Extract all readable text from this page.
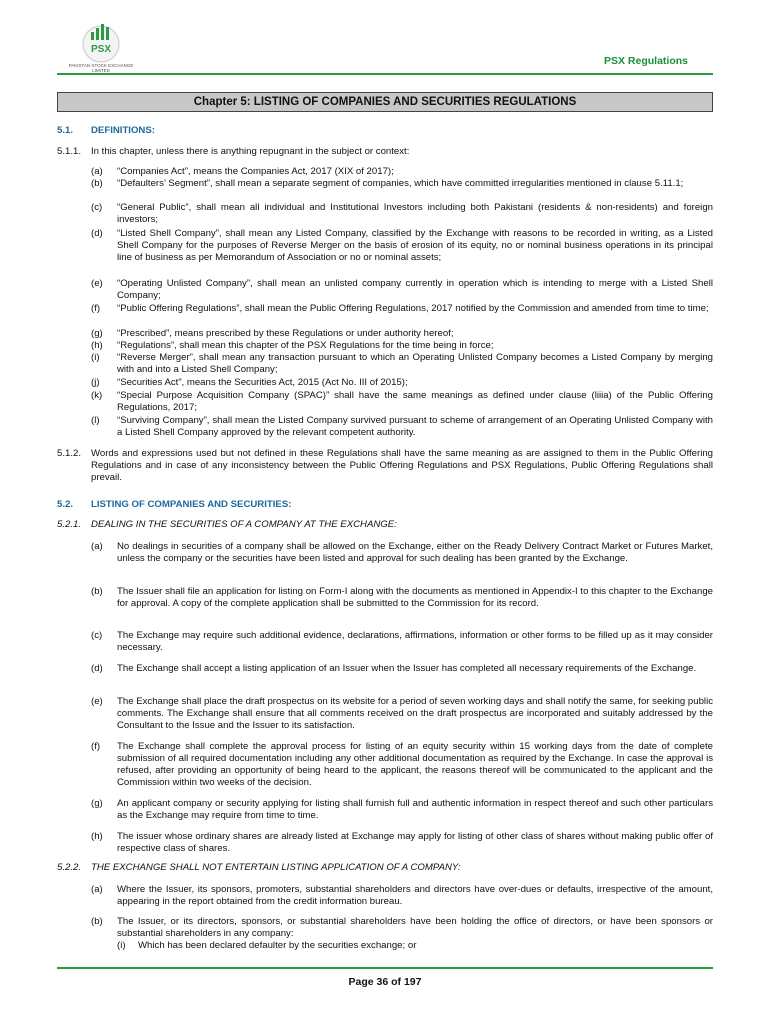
PSX
PAKISTAN STOCK EXCHANGE LIMITED
PSX Regulations
Chapter 5: LISTING OF COMPANIES AND SECURITIES REGULATIONS
5.1. DEFINITIONS:
5.1.1. In this chapter, unless there is anything repugnant in the subject or context:
(a) “Companies Act”, means the Companies Act, 2017 (XIX of 2017);
(b) “Defaulters’ Segment”, shall mean a separate segment of companies, which have committed irregularities mentioned in clause 5.11.1;
(c) “General Public”, shall mean all individual and Institutional Investors including both Pakistani (residents & non-residents) and foreign investors;
(d) “Listed Shell Company”, shall mean any Listed Company, classified by the Exchange with reasons to be recorded in writing, as a Listed Shell Company for the purposes of Reverse Merger on the basis of erosion of its equity, no or nominal business operations in its principal line of business as per Memorandum of Association or no or nominal assets;
(e) “Operating Unlisted Company”, shall mean an unlisted company currently in operation which is intending to merge with a Listed Shell Company;
(f) “Public Offering Regulations”, shall mean the Public Offering Regulations, 2017 notified by the Commission and amended from time to time;
(g) “Prescribed”, means prescribed by these Regulations or under authority hereof;
(h) “Regulations”, shall mean this chapter of the PSX Regulations for the time being in force;
(i) “Reverse Merger”, shall mean any transaction pursuant to which an Operating Unlisted Company becomes a Listed Company by merging with and into a Listed Shell Company;
(j) “Securities Act”, means the Securities Act, 2015 (Act No. III of 2015);
(k) “Special Purpose Acquisition Company (SPAC)” shall have the same meanings as defined under clause (liiia) of the Public Offering Regulations, 2017;
(l) “Surviving Company”, shall mean the Listed Company survived pursuant to scheme of arrangement of an Operating Unlisted Company with a Listed Shell Company approved by the relevant competent authority.
5.1.2. Words and expressions used but not defined in these Regulations shall have the same meaning as are assigned to them in the Public Offering Regulations and in case of any inconsistency between the Public Offering Regulations and PSX Regulations, Public Offering Regulations shall prevail.
5.2. LISTING OF COMPANIES AND SECURITIES:
5.2.1. DEALING IN THE SECURITIES OF A COMPANY AT THE EXCHANGE:
(a) No dealings in securities of a company shall be allowed on the Exchange, either on the Ready Delivery Contract Market or Futures Market, unless the company or the securities have been listed and approval for such dealing has been granted by the Exchange.
(b) The Issuer shall file an application for listing on Form-I along with the documents as mentioned in Appendix-I to this chapter to the Exchange for approval. A copy of the complete application shall be submitted to the Commission for its record.
(c) The Exchange may require such additional evidence, declarations, affirmations, information or other forms to be filled up as it may consider necessary.
(d) The Exchange shall accept a listing application of an Issuer when the Issuer has completed all necessary requirements of the Exchange.
(e) The Exchange shall place the draft prospectus on its website for a period of seven working days and shall notify the same, for seeking public comments. The Exchange shall ensure that all comments received on the draft prospectus are incorporated and suitably addressed by the Consultant to the Issue and the Issuer to its satisfaction.
(f) The Exchange shall complete the approval process for listing of an equity security within 15 working days from the date of complete submission of all required documentation including any other additional documentation as required by the Exchange. In case the approval is refused, after providing an opportunity of being heard to the applicant, the reasons thereof will be communicated to the applicant and the Commission within two weeks of the decision.
(g) An applicant company or security applying for listing shall furnish full and authentic information in respect thereof and such other particulars as the Exchange may require from time to time.
(h) The issuer whose ordinary shares are already listed at Exchange may apply for listing of other class of shares without making public offer of respective class of shares.
5.2.2. THE EXCHANGE SHALL NOT ENTERTAIN LISTING APPLICATION OF A COMPANY:
(a) Where the Issuer, its sponsors, promoters, substantial shareholders and directors have over-dues or defaults, irrespective of the amount, appearing in the report obtained from the credit information bureau.
(b) The Issuer, or its directors, sponsors, or substantial shareholders have been holding the office of directors, or have been sponsors or substantial shareholders in any company:
(i) Which has been declared defaulter by the securities exchange; or
Page 36 of 197
